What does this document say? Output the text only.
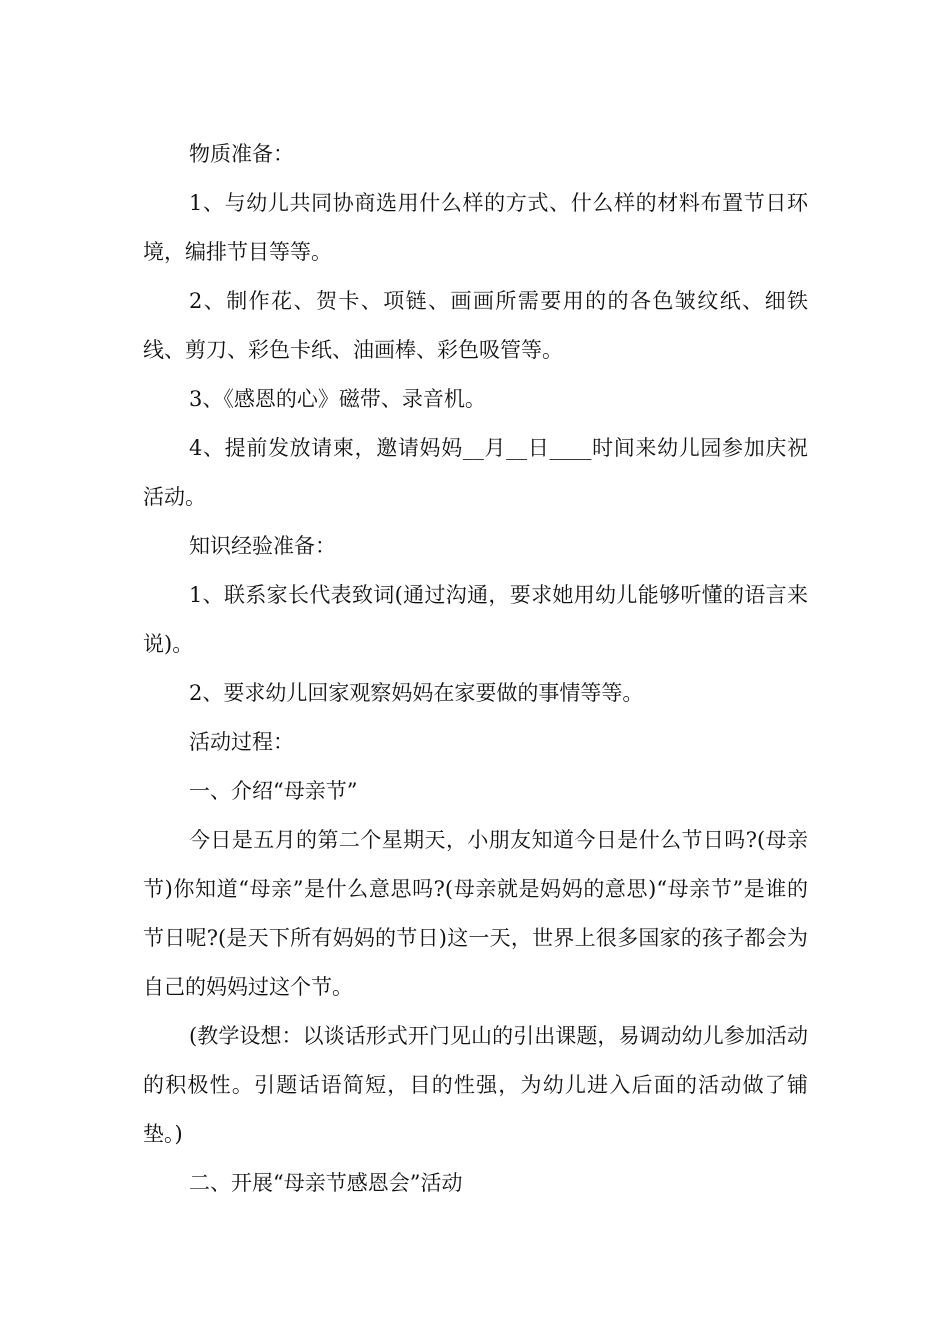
物质准备：

1、与幼儿共同协商选用什么样的方式、什么样的材料布置节日环境，编排节目等等。

2、制作花、贺卡、项链、画画所需要用的的各色皱纹纸、细铁线、剪刀、彩色卡纸、油画棒、彩色吸管等。

3、《感恩的心》磁带、录音机。

4、提前发放请柬，邀请妈妈__月__日____时间来幼儿园参加庆祝活动。

知识经验准备：

1、联系家长代表致词(通过沟通，要求她用幼儿能够听懂的语言来说)。

2、要求幼儿回家观察妈妈在家要做的事情等等。

活动过程：

一、介绍“母亲节”

今日是五月的第二个星期天，小朋友知道今日是什么节日吗?(母亲节)你知道“母亲”是什么意思吗?(母亲就是妈妈的意思)“母亲节”是谁的节日呢?(是天下所有妈妈的节日)这一天，世界上很多国家的孩子都会为自己的妈妈过这个节。

(教学设想：以谈话形式开门见山的引出课题，易调动幼儿参加活动的积极性。引题话语简短，目的性强，为幼儿进入后面的活动做了铺垫。)

二、开展“母亲节感恩会”活动
